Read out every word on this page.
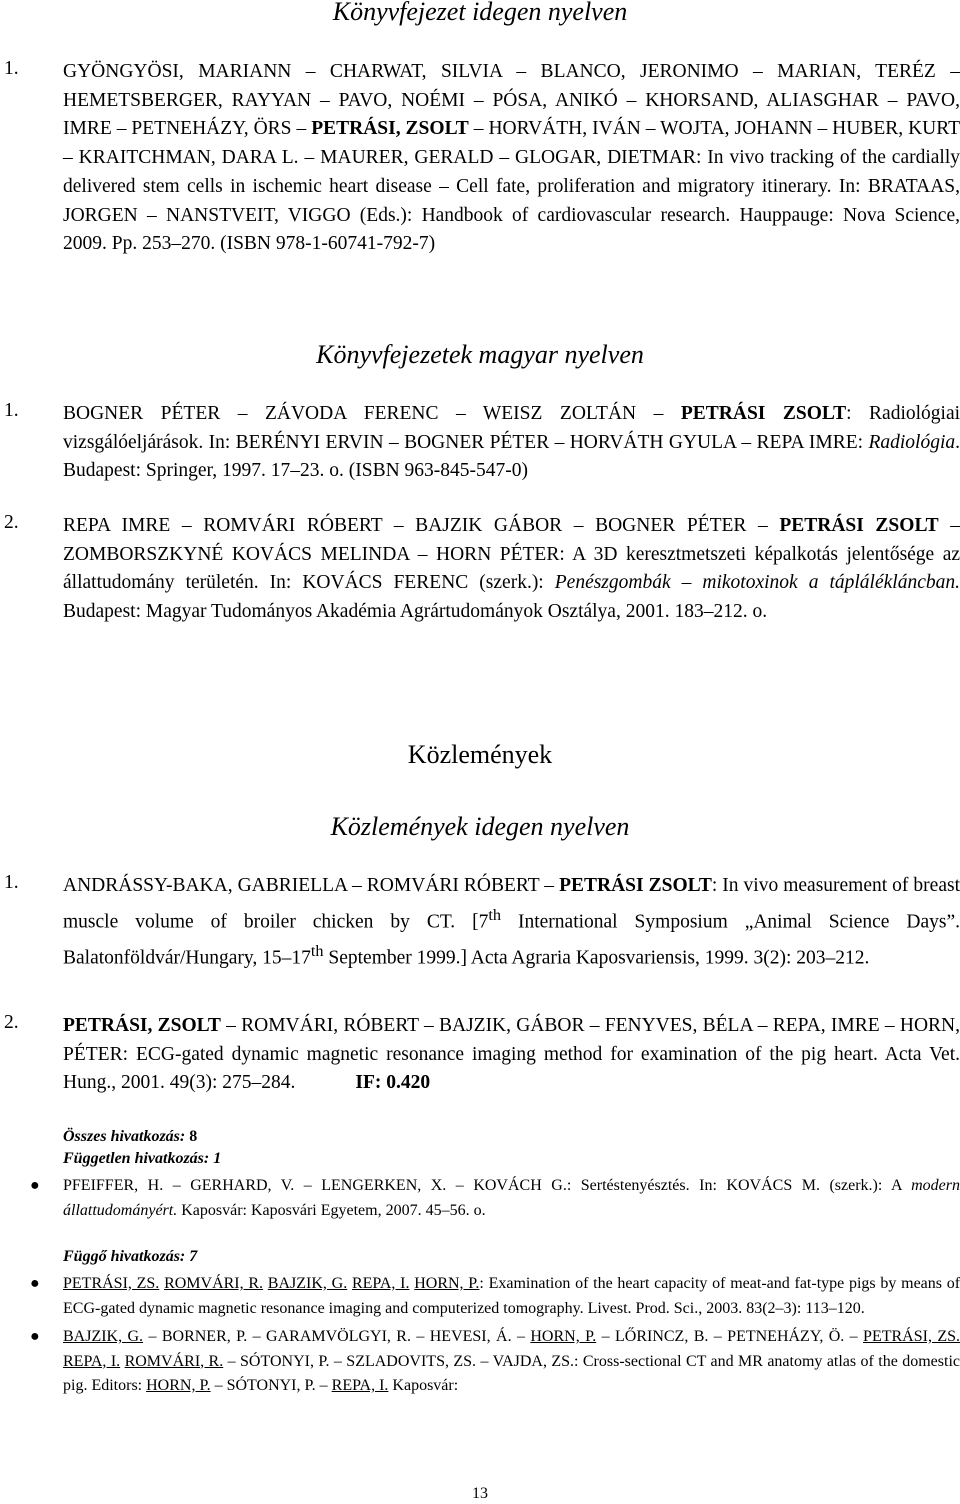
Könyvfejezet idegen nyelven
1. GYÖNGYÖSI, MARIANN – CHARWAT, SILVIA – BLANCO, JERONIMO – MARIAN, TERÉZ – HEMETSBERGER, RAYYAN – PAVO, NOÉMI – PÓSA, ANIKÓ – KHORSAND, ALIASGHAR – PAVO, IMRE – PETNEHÁZY, ÖRS – PETRÁSI, ZSOLT – HORVÁTH, IVÁN – WOJTA, JOHANN – HUBER, KURT – KRAITCHMAN, DARA L. – MAURER, GERALD – GLOGAR, DIETMAR: In vivo tracking of the cardially delivered stem cells in ischemic heart disease – Cell fate, proliferation and migratory itinerary. In: BRATAAS, JORGEN – NANSTVEIT, VIGGO (Eds.): Handbook of cardiovascular research. Hauppauge: Nova Science, 2009. Pp. 253–270. (ISBN 978-1-60741-792-7)
Könyvfejezetek magyar nyelven
1. BOGNER PÉTER – ZÁVODA FERENC – WEISZ ZOLTÁN – PETRÁSI ZSOLT: Radiológiai vizsgálóeljárások. In: BERÉNYI ERVIN – BOGNER PÉTER – HORVÁTH GYULA – REPA IMRE: Radiológia. Budapest: Springer, 1997. 17–23. o. (ISBN 963-845-547-0)
2. REPA IMRE – ROMVÁRI RÓBERT – BAJZIK GÁBOR – BOGNER PÉTER – PETRÁSI ZSOLT – ZOMBORSZKYNÉ KOVÁCS MELINDA – HORN PÉTER: A 3D keresztmetszeti képalkotás jelentősége az állattudomány területén. In: KOVÁCS FERENC (szerk.): Penészgombák – mikotoxinok a táplálékláncban. Budapest: Magyar Tudományos Akadémia Agrártudományok Osztálya, 2001. 183–212. o.
Közlemények
Közlemények idegen nyelven
1. ANDRÁSSY-BAKA, GABRIELLA – ROMVÁRI RÓBERT – PETRÁSI ZSOLT: In vivo measurement of breast muscle volume of broiler chicken by CT. [7th International Symposium „Animal Science Days”. Balatonföldvár/Hungary, 15–17th September 1999.] Acta Agraria Kaposvariensis, 1999. 3(2): 203–212.
2. PETRÁSI, ZSOLT – ROMVÁRI, RÓBERT – BAJZIK, GÁBOR – FENYVES, BÉLA – REPA, IMRE – HORN, PÉTER: ECG-gated dynamic magnetic resonance imaging method for examination of the pig heart. Acta Vet. Hung., 2001. 49(3): 275–284.	IF: 0.420
Összes hivatkozás: 8
Független hivatkozás: 1
● PFEIFFER, H. – GERHARD, V. – LENGERKEN, X. – KOVÁCH G.: Sertéstenyésztés. In: KOVÁCS M. (szerk.): A modern állattudományért. Kaposvár: Kaposvári Egyetem, 2007. 45–56. o.
Függő hivatkozás: 7
● PETRÁSI, ZS. ROMVÁRI, R. BAJZIK, G. REPA, I. HORN, P.: Examination of the heart capacity of meat-and fat-type pigs by means of ECG-gated dynamic magnetic resonance imaging and computerized tomography. Livest. Prod. Sci., 2003. 83(2–3): 113–120.
● BAJZIK, G. – BORNER, P. – GARAMVÖLGYI, R. – HEVESI, Á. – HORN, P. – LŐRINCZ, B. – PETNEHÁZY, Ö. – PETRÁSI, ZS. REPA, I. ROMVÁRI, R. – SÓTONYI, P. – SZLADOVITS, ZS. – VAJDA, ZS.: Cross-sectional CT and MR anatomy atlas of the domestic pig. Editors: HORN, P. – SÓTONYI, P. – REPA, I. Kaposvár:
13
